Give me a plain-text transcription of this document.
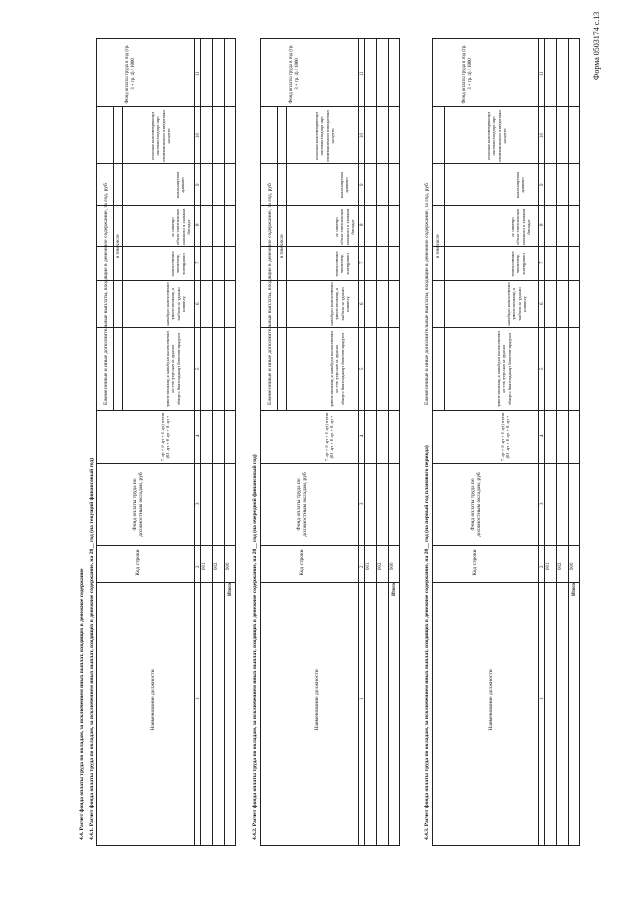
Форма 0503174 с.13
4.4. Расчет фонда оплаты труда по окладам, за исключением иных выплат, входящих в денежное содержание 4.4.1. Расчет фонда оплаты труда по окладам, за исключением иных выплат, входящих в денежное содержание, на 20__ год (на текущий финансовый год)
Ежемесячные и иные дополнительные выплаты, входящие в денежное содержание, за год, руб в том числе
Наименование должности
Код строки
Фонд оплаты труда по должностным окладам, руб
всего (гр. 5 + гр. 6 + гр. 7 + гр. 8 + гр. 9 + гр. 10)
ежемесячная надбавка к должностному окладу за выслугу лет на государственной гражданской службе
ежемесячная надбавка к должностному окладу за особые условия
ежемесячное денежное поощрение
премии за выполнение особо важных и сложных заданий
материальная помощь
единовременная выплата при предоставлении ежегодного оплачиваемого отпуска
Фонд оплаты труда в год (гр. 3 + гр. 4) / 1000
1
2
3
4
5
6
7
8
9
10
11
001 002 900
Итого	4.4.2. Расчет фонда оплаты труда по окладам, за исключением иных выплат, входящих в денежное содержание, на 20__ год (на очередной финансовый год)
Ежемесячные и иные дополнительные выплаты, входящие в денежное содержание, за год, руб в том числе
Наименование должности
Код строки
Фонд оплаты труда по должностным окладам, руб
всего (гр. 5 + гр. 6 + гр. 7 + гр. 8 + гр. 9 + гр. 10)
ежемесячная надбавка к должностному окладу за выслугу лет на государственной гражданской службе
ежемесячная надбавка к должностному окладу за особые условия
ежемесячное денежное поощрение
премии за выполнение особо важных и сложных заданий
материальная помощь
единовременная выплата при предоставлении ежегодного оплачиваемого отпуска
Фонд оплаты труда в год (гр. 3 + гр. 4) / 1000
1
2
3
4
5
6
7
8
9
10
11
001 002 900
Итого	4.4.3. Расчет фонда оплаты труда по окладам, за исключением иных выплат, входящих в денежное содержание, на 20__ год (на первый год планового периода)
Ежемесячные и иные дополнительные выплаты, входящие в денежное содержание, за год, руб в том числе
Наименование должности
Код строки
Фонд оплаты труда по должностным окладам, руб
всего (гр. 5 + гр. 6 + гр. 7 + гр. 8 + гр. 9 + гр. 10)
ежемесячная надбавка к должностному окладу за выслугу лет на государственной гражданской службе
ежемесячная надбавка к должностному окладу за особые условия
ежемесячное денежное поощрение
премии за выполнение особо важных и сложных заданий
материальная помощь
единовременная выплата при предоставлении ежегодного оплачиваемого отпуска
Фонд оплаты труда в год (гр. 3 + гр. 4) / 1000
1
2
3
4
5
6
7
8
9
10
11
001 002 900
Итого
